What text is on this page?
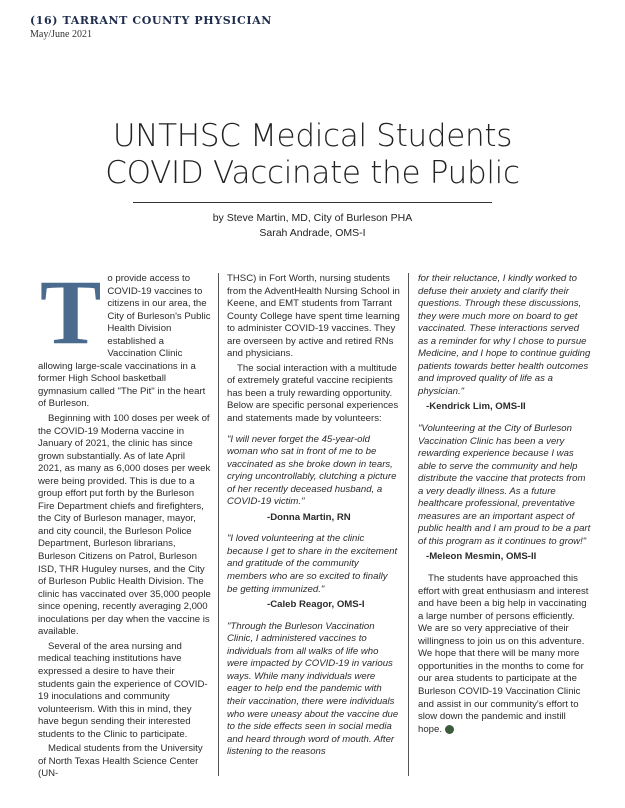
(16) TARRANT COUNTY PHYSICIAN
May/June 2021
UNTHSC Medical Students
COVID Vaccinate the Public
by Steve Martin, MD, City of Burleson PHA
Sarah Andrade, OMS-I

To provide access to COVID-19 vaccines to citizens in our area, the City of Burleson's Public Health Division established a Vaccination Clinic allowing large-scale vaccinations in a former High School basketball gymnasium called "The Pit" in the heart of Burleson.

Beginning with 100 doses per week of the COVID-19 Moderna vaccine in January of 2021, the clinic has since grown substantially. As of late April 2021, as many as 6,000 doses per week were being provided. This is due to a group effort put forth by the Burleson Fire Department chiefs and firefighters, the City of Burleson manager, mayor, and city council, the Burleson Police Department, Burleson librarians, Burleson Citizens on Patrol, Burleson ISD, THR Huguley nurses, and the City of Burleson Public Health Division. The clinic has vaccinated over 35,000 people since opening, recently averaging 2,000 inoculations per day when the vaccine is available.

Several of the area nursing and medical teaching institutions have expressed a desire to have their students gain the experience of COVID-19 inoculations and community volunteerism. With this in mind, they have begun sending their interested students to the Clinic to participate.

Medical students from the University of North Texas Health Science Center (UN-

THSC) in Fort Worth, nursing students from the AdventHealth Nursing School in Keene, and EMT students from Tarrant County College have spent time learning to administer COVID-19 vaccines. They are overseen by active and retired RNs and physicians.

The social interaction with a multitude of extremely grateful vaccine recipients has been a truly rewarding opportunity. Below are specific personal experiences and statements made by volunteers:

"I will never forget the 45-year-old woman who sat in front of me to be vaccinated as she broke down in tears, crying uncontrollably, clutching a picture of her recently deceased husband, a COVID-19 victim."

-Donna Martin, RN

"I loved volunteering at the clinic because I get to share in the excitement and gratitude of the community members who are so excited to finally be getting immunized."

-Caleb Reagor, OMS-I

"Through the Burleson Vaccination Clinic, I administered vaccines to individuals from all walks of life who were impacted by COVID-19 in various ways. While many individuals were eager to help end the pandemic with their vaccination, there were individuals who were uneasy about the vaccine due to the side effects seen in social media and heard through word of mouth. After listening to the reasons

for their reluctance, I kindly worked to defuse their anxiety and clarify their questions. Through these discussions, they were much more on board to get vaccinated. These interactions served as a reminder for why I chose to pursue Medicine, and I hope to continue guiding patients towards better health outcomes and improved quality of life as a physician."

-Kendrick Lim, OMS-II

"Volunteering at the City of Burleson Vaccination Clinic has been a very rewarding experience because I was able to serve the community and help distribute the vaccine that protects from a very deadly illness. As a future healthcare professional, preventative measures are an important aspect of public health and I am proud to be a part of this program as it continues to grow!"

-Meleon Mesmin, OMS-II

The students have approached this effort with great enthusiasm and interest and have been a big help in vaccinating a large number of persons efficiently. We are so very appreciative of their willingness to join us on this adventure. We hope that there will be many more opportunities in the months to come for our area students to participate at the Burleson COVID-19 Vaccination Clinic and assist in our community's effort to slow down the pandemic and instill hope.
